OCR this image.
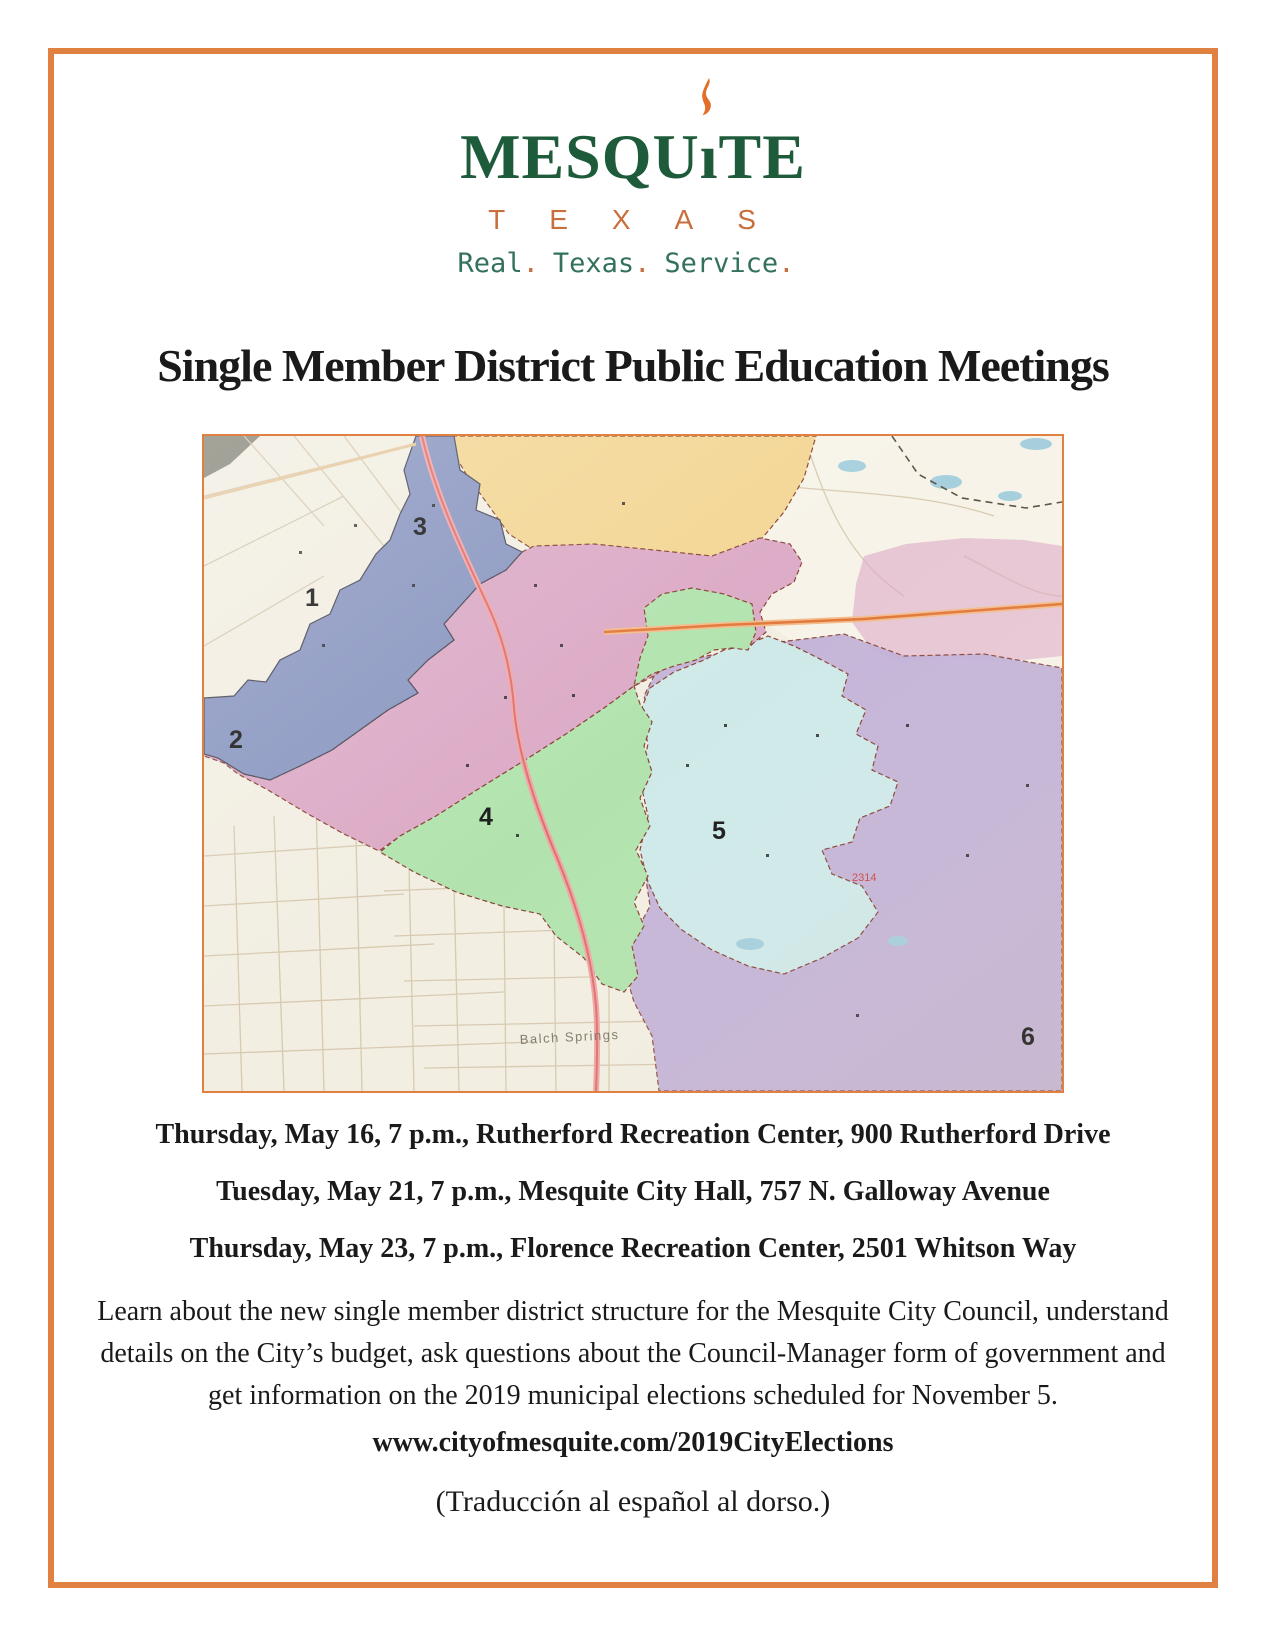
MESQU
ıTE
TEXAS
Real. Texas. Service.
Single Member District Public Education Meetings

Thursday, May 16, 7 p.m., Rutherford Recreation Center, 900 Rutherford Drive

Tuesday, May 21, 7 p.m., Mesquite City Hall, 757 N. Galloway Avenue

Thursday, May 23, 7 p.m., Florence Recreation Center, 2501 Whitson Way

Learn about the new single member district structure for the Mesquite City Council, understand details on the City’s budget, ask questions about the Council-Manager form of government and get information on the 2019 municipal elections scheduled for November 5.

www.cityofmesquite.com/2019CityElections

(Traducción al español al dorso.)
